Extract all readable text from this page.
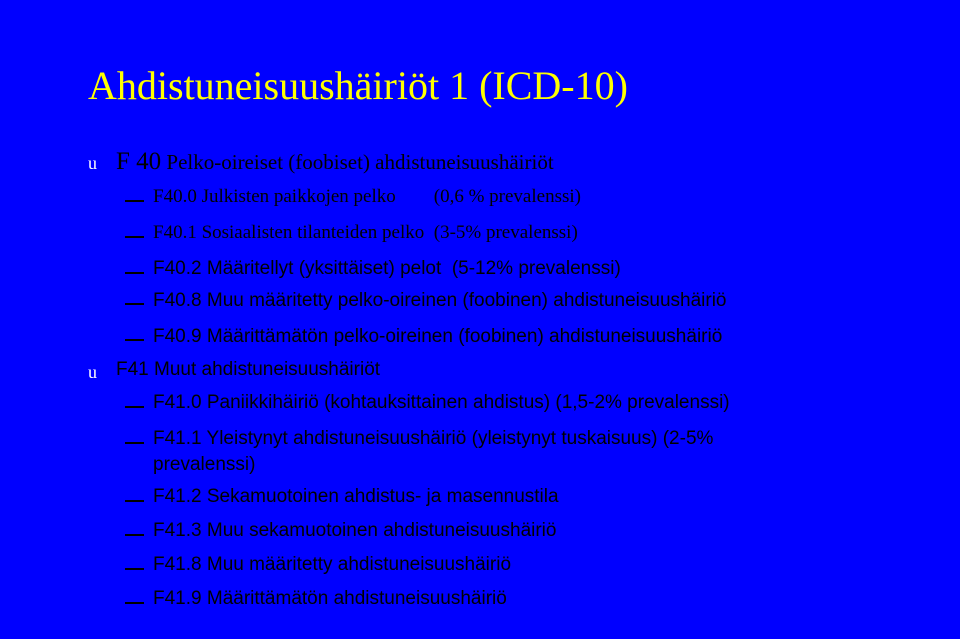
Ahdistuneisuushäiriöt 1 (ICD-10)
u F 40 Pelko-oireiset (foobiset) ahdistuneisuushäiriöt
F40.0 Julkisten paikkojen pelko        (0,6 % prevalenssi)
F40.1 Sosiaalisten tilanteiden pelko  (3-5% prevalenssi)
F40.2 Määritellyt (yksittäiset) pelot  (5-12% prevalenssi)
F40.8 Muu määritetty pelko-oireinen (foobinen) ahdistuneisuushäiriö
F40.9 Määrittämätön pelko-oireinen (foobinen) ahdistuneisuushäiriö
u F41 Muut ahdistuneisuushäiriöt
F41.0 Paniikkihäiriö (kohtauksittainen ahdistus) (1,5-2% prevalenssi)
F41.1 Yleistynyt ahdistuneisuushäiriö (yleistynyt tuskaisuus) (2-5%
prevalenssi)
F41.2 Sekamuotoinen ahdistus- ja masennustila
F41.3 Muu sekamuotoinen ahdistuneisuushäiriö
F41.8 Muu määritetty ahdistuneisuushäiriö
F41.9 Määrittämätön ahdistuneisuushäiriö
